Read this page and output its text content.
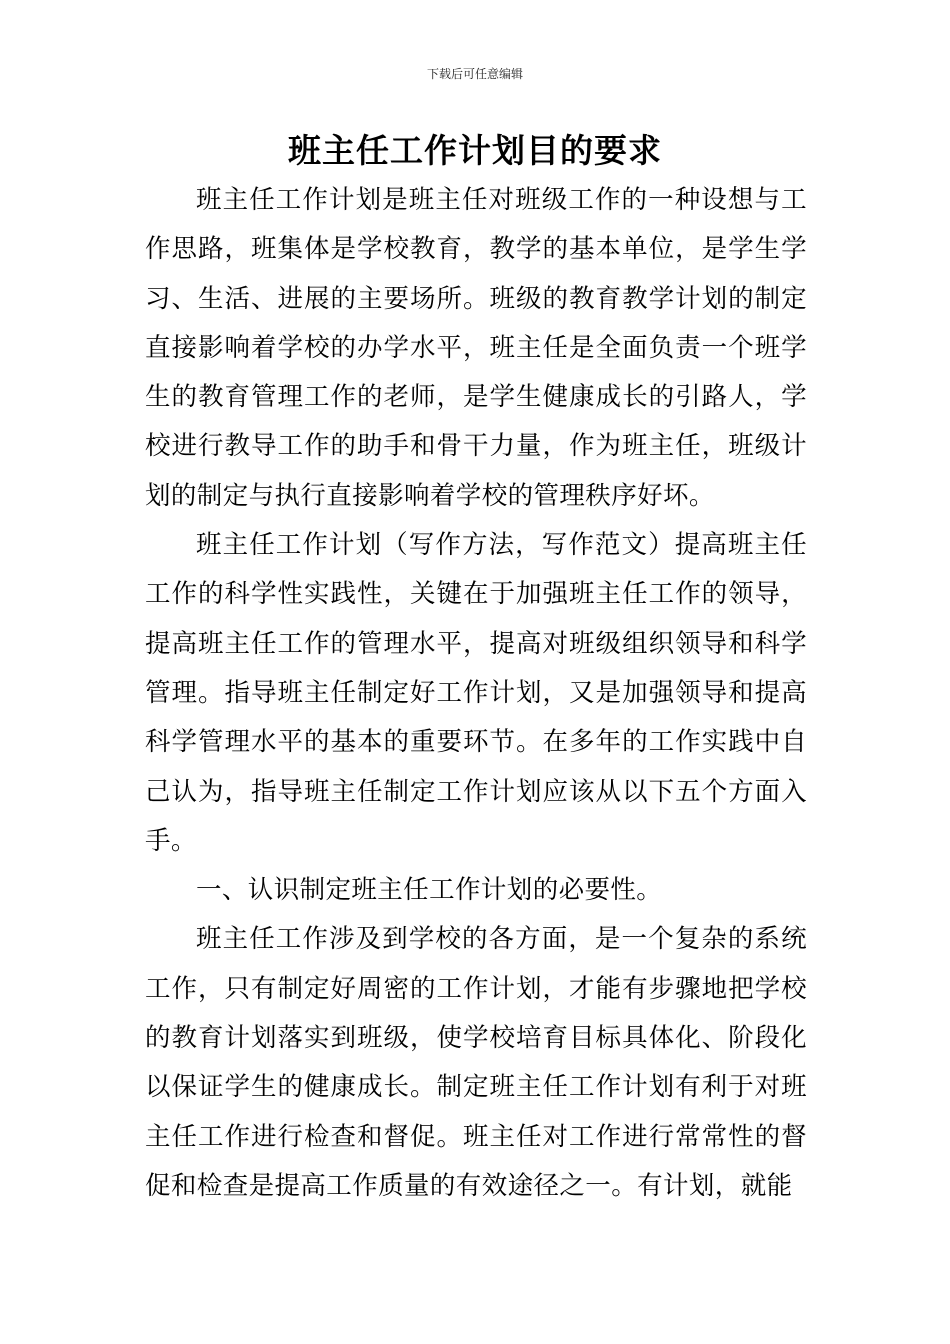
下载后可任意编辑
班主任工作计划目的要求

班主任工作计划是班主任对班级工作的一种设想与工作思路，班集体是学校教育，教学的基本单位，是学生学习、生活、进展的主要场所。班级的教育教学计划的制定直接影响着学校的办学水平，班主任是全面负责一个班学生的教育管理工作的老师，是学生健康成长的引路人，学校进行教导工作的助手和骨干力量，作为班主任，班级计划的制定与执行直接影响着学校的管理秩序好坏。

班主任工作计划（写作方法，写作范文）提高班主任工作的科学性实践性，关键在于加强班主任工作的领导，提高班主任工作的管理水平，提高对班级组织领导和科学管理。指导班主任制定好工作计划，又是加强领导和提高科学管理水平的基本的重要环节。在多年的工作实践中自己认为，指导班主任制定工作计划应该从以下五个方面入手。

一、认识制定班主任工作计划的必要性。

班主任工作涉及到学校的各方面，是一个复杂的系统工作，只有制定好周密的工作计划，才能有步骤地把学校的教育计划落实到班级，使学校培育目标具体化、阶段化以保证学生的健康成长。制定班主任工作计划有利于对班主任工作进行检查和督促。班主任对工作进行常常性的督促和检查是提高工作质量的有效途径之一。有计划，就能
